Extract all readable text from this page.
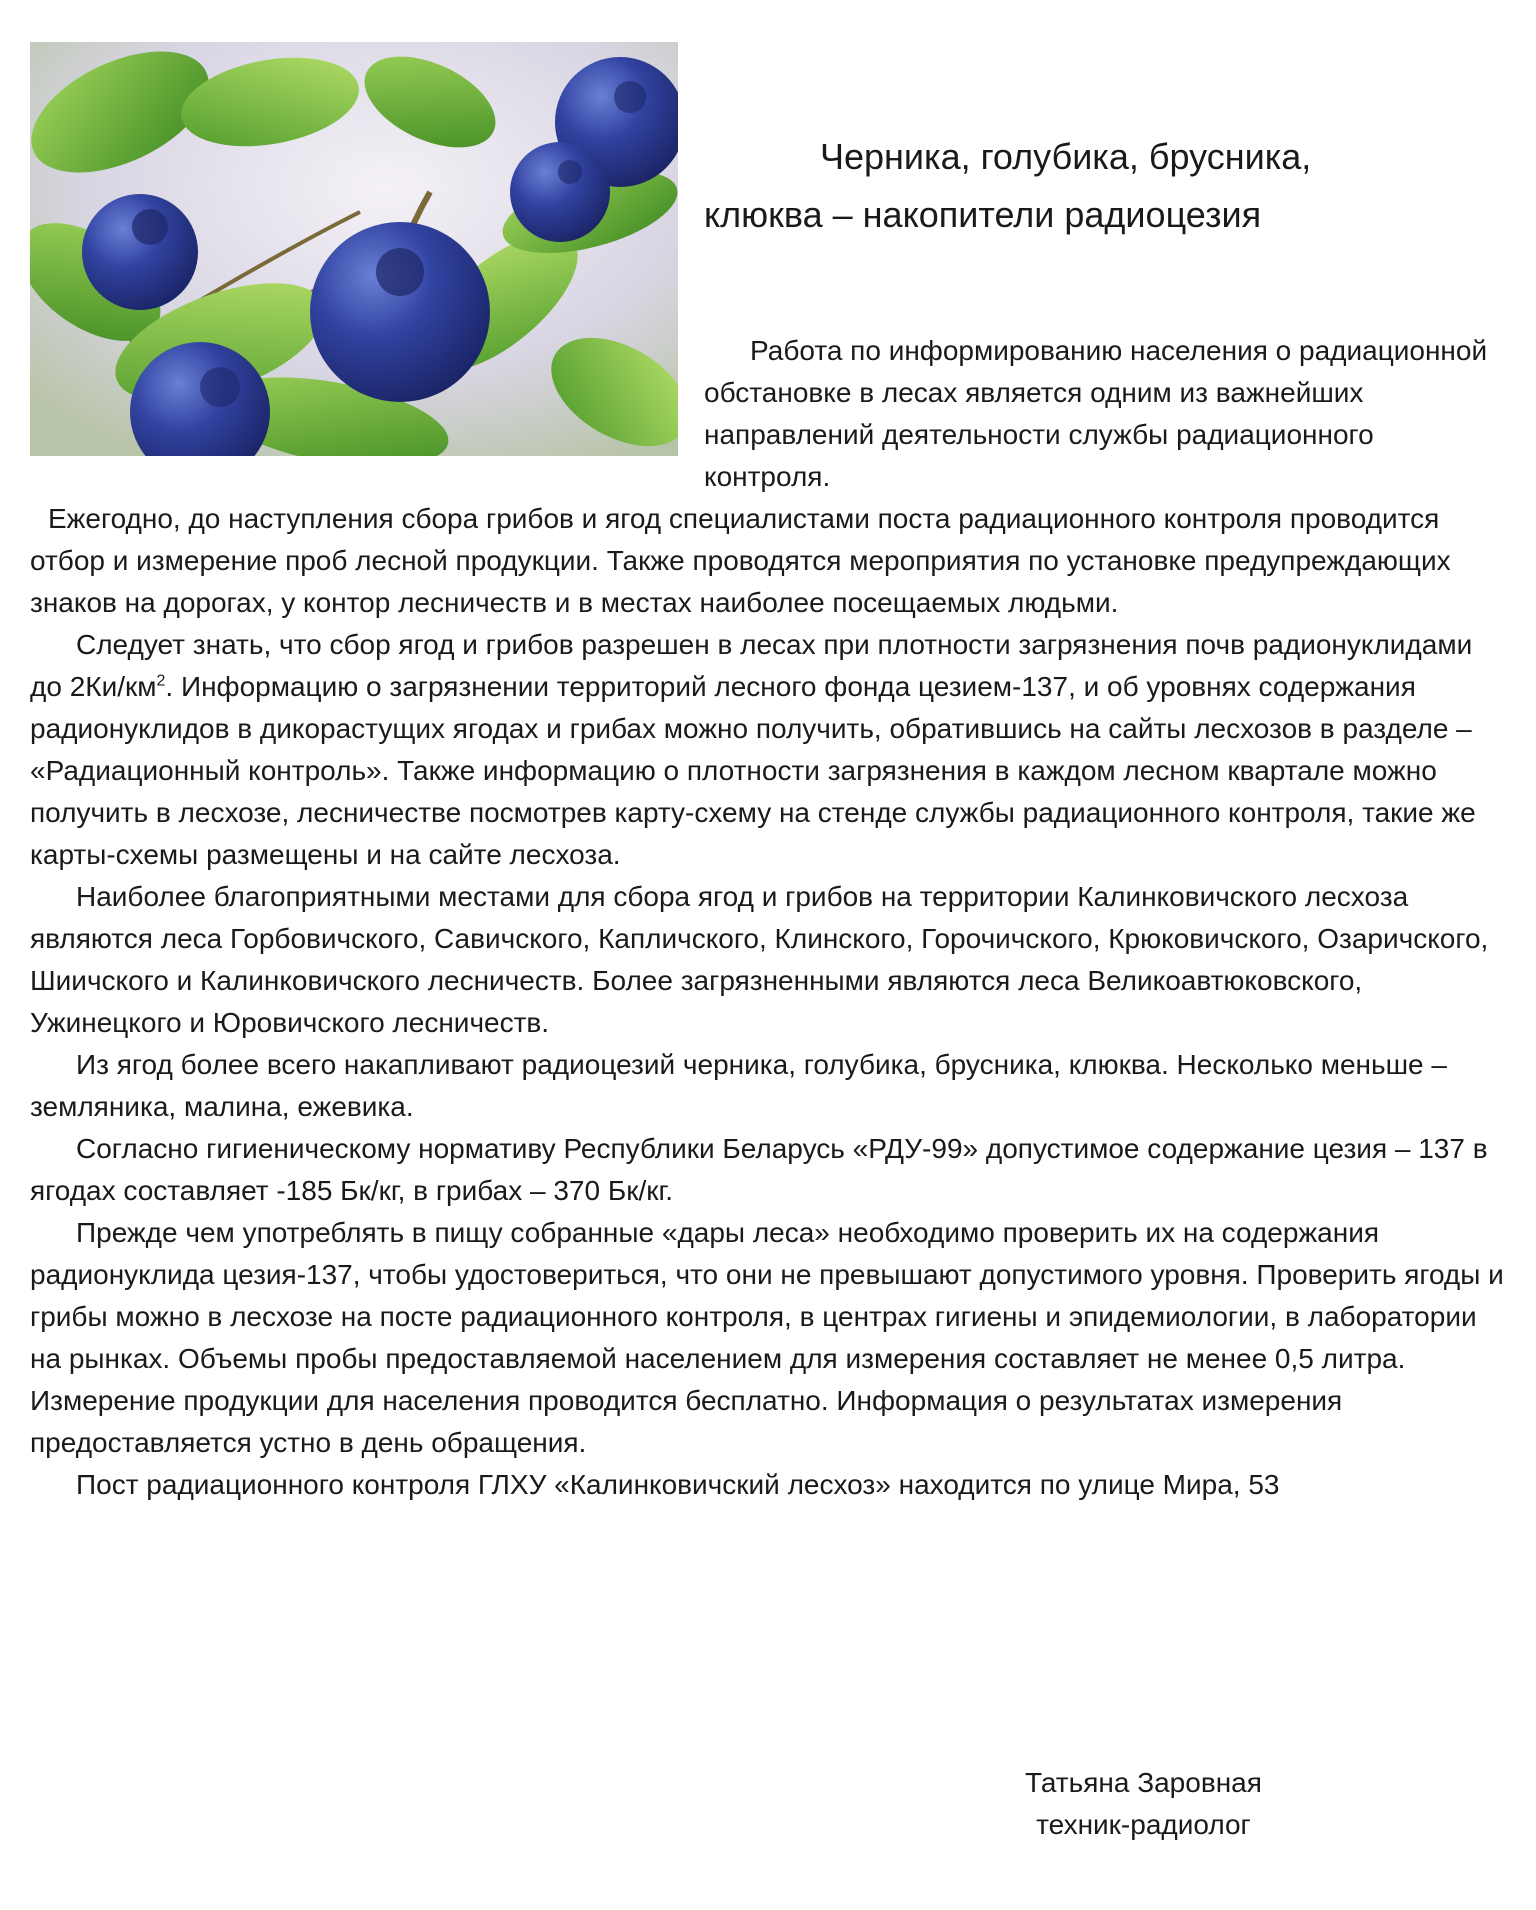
Черника, голубика, брусника,
клюква – накопители радиоцезия

Работа по информированию населения о радиационной обстановке в лесах является одним из важнейших направлений деятельности службы радиационного контроля.

Ежегодно, до наступления сбора грибов и ягод специалистами поста радиационного контроля проводится отбор и измерение проб лесной продукции. Также проводятся мероприятия по установке предупреждающих знаков на дорогах, у контор лесничеств и в местах наиболее посещаемых людьми.

Следует знать, что сбор ягод и грибов разрешен в лесах при плотности загрязнения почв радионуклидами до $2Ки/км^2$. Информацию о загрязнении территорий лесного фонда цезием-137, и об уровнях содержания радионуклидов в дикорастущих ягодах и грибах можно получить, обратившись на сайты лесхозов в разделе – «Радиационный контроль». Также информацию о плотности загрязнения в каждом лесном квартале можно получить в лесхозе, лесничестве посмотрев карту-схему на стенде службы радиационного контроля, такие же карты-схемы размещены и на сайте лесхоза.

Наиболее благоприятными местами для сбора ягод и грибов на территории Калинковичского лесхоза являются леса Горбовичского, Савичского, Капличского, Клинского, Горочичского, Крюковичского, Озаричского, Шиичского и Калинковичского лесничеств. Более загрязненными являются леса Великоавтюковского, Ужинецкого и Юровичского лесничеств.

Из ягод более всего накапливают радиоцезий черника, голубика, брусника, клюква. Несколько меньше – земляника, малина, ежевика.

Согласно гигиеническому нормативу Республики Беларусь «РДУ-99» допустимое содержание цезия – 137 в ягодах составляет -185 Бк/кг, в грибах – 370 Бк/кг.

Прежде чем употреблять в пищу собранные «дары леса» необходимо проверить их на содержания радионуклида цезия-137, чтобы удостовериться, что они не превышают допустимого уровня. Проверить ягоды и грибы можно в лесхозе на посте радиационного контроля, в центрах гигиены и эпидемиологии, в лаборатории на рынках. Объемы пробы предоставляемой населением для измерения составляет не менее 0,5 литра. Измерение продукции для населения проводится бесплатно. Информация о результатах измерения предоставляется устно в день обращения.

Пост радиационного контроля ГЛХУ «Калинковичский лесхоз» находится по улице Мира, 53

Татьяна Заровная
техник-радиолог
